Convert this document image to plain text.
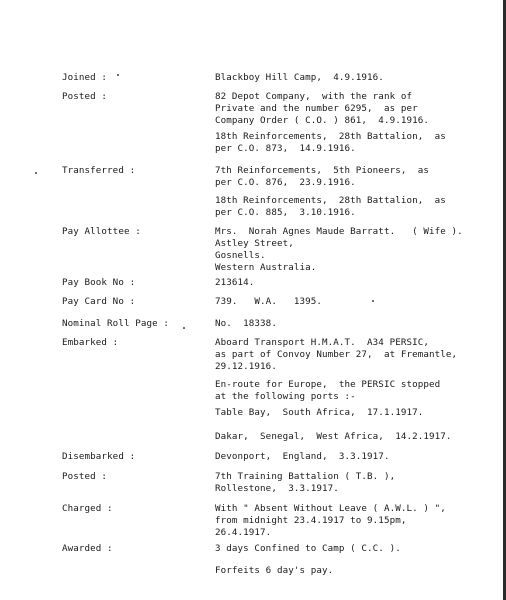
Joined :	Blackboy Hill Camp,  4.9.1916.
Posted :	82 Depot Company,  with the rank of
Private and the number 6295,  as per
Company Order ( C.O. ) 861,  4.9.1916.
18th Reinforcements,  28th Battalion,  as
per C.O. 873,  14.9.1916.
Transferred :	7th Reinforcements,  5th Pioneers,  as
per C.O. 876,  23.9.1916.
18th Reinforcements,  28th Battalion,  as
per C.O. 885,  3.10.1916.
Pay Allottee :	Mrs.  Norah Agnes Maude Barratt.   ( Wife ).
Astley Street,
Gosnells.
Western Australia.
Pay Book No :	213614.
Pay Card No :	739.   W.A.   1395.
Nominal Roll Page :	No.  18338.
Embarked :	Aboard Transport H.M.A.T.  A34 PERSIC,
as part of Convoy Number 27,  at Fremantle,
29.12.1916.
En-route for Europe,  the PERSIC stopped
at the following ports :-
Table Bay,  South Africa,  17.1.1917.
Dakar,  Senegal,  West Africa,  14.2.1917.
Disembarked :	Devonport,  England,  3.3.1917.
Posted :	7th Training Battalion ( T.B. ),
Rollestone,  3.3.1917.
Charged :	With " Absent Without Leave ( A.W.L. ) ",
from midnight 23.4.1917 to 9.15pm,
26.4.1917.
Awarded :	3 days Confined to Camp ( C.C. ).
Forfeits 6 day's pay.
